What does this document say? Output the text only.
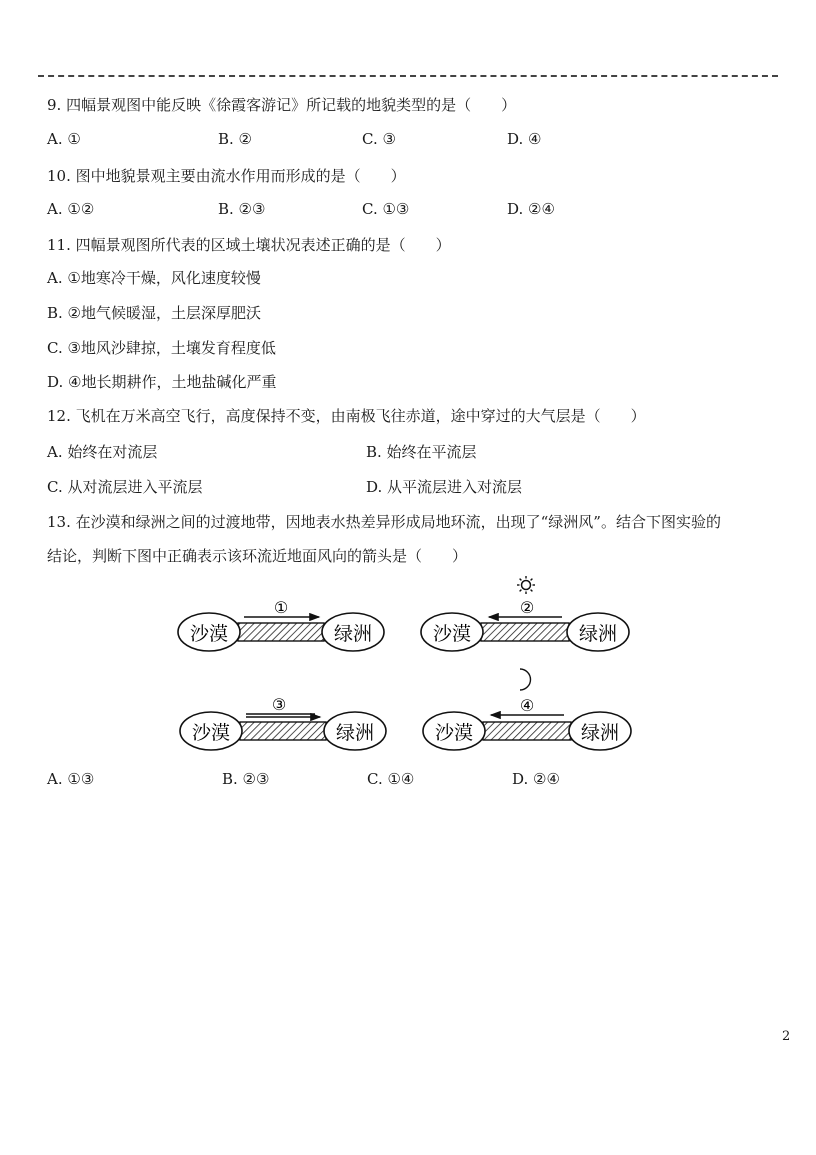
9. 四幅景观图中能反映《徐霞客游记》所记载的地貌类型的是（　　）
A. ①	B. ②	C. ③	D. ④
10. 图中地貌景观主要由流水作用而形成的是（　　）
A. ①②	B. ②③	C. ①③	D. ②④
11. 四幅景观图所代表的区域土壤状况表述正确的是（　　）
A. ①地寒冷干燥，风化速度较慢
B. ②地气候暖湿，土层深厚肥沃
C. ③地风沙肆掠，土壤发育程度低
D. ④地长期耕作，土地盐碱化严重
12. 飞机在万米高空飞行，高度保持不变，由南极飞往赤道，途中穿过的大气层是（　　）
A. 始终在对流层	B. 始终在平流层
C. 从对流层进入平流层	D. 从平流层进入对流层
13. 在沙漠和绿洲之间的过渡地带，因地表水热差异形成局地环流，出现了“绿洲风”。结合下图实验的
结论，判断下图中正确表示该环流近地面风向的箭头是（　　）
沙漠	绿洲
①
沙漠	绿洲
②
沙漠	绿洲
③
沙漠	绿洲
④
A. ①③	B. ②③	C. ①④	D. ②④
2
